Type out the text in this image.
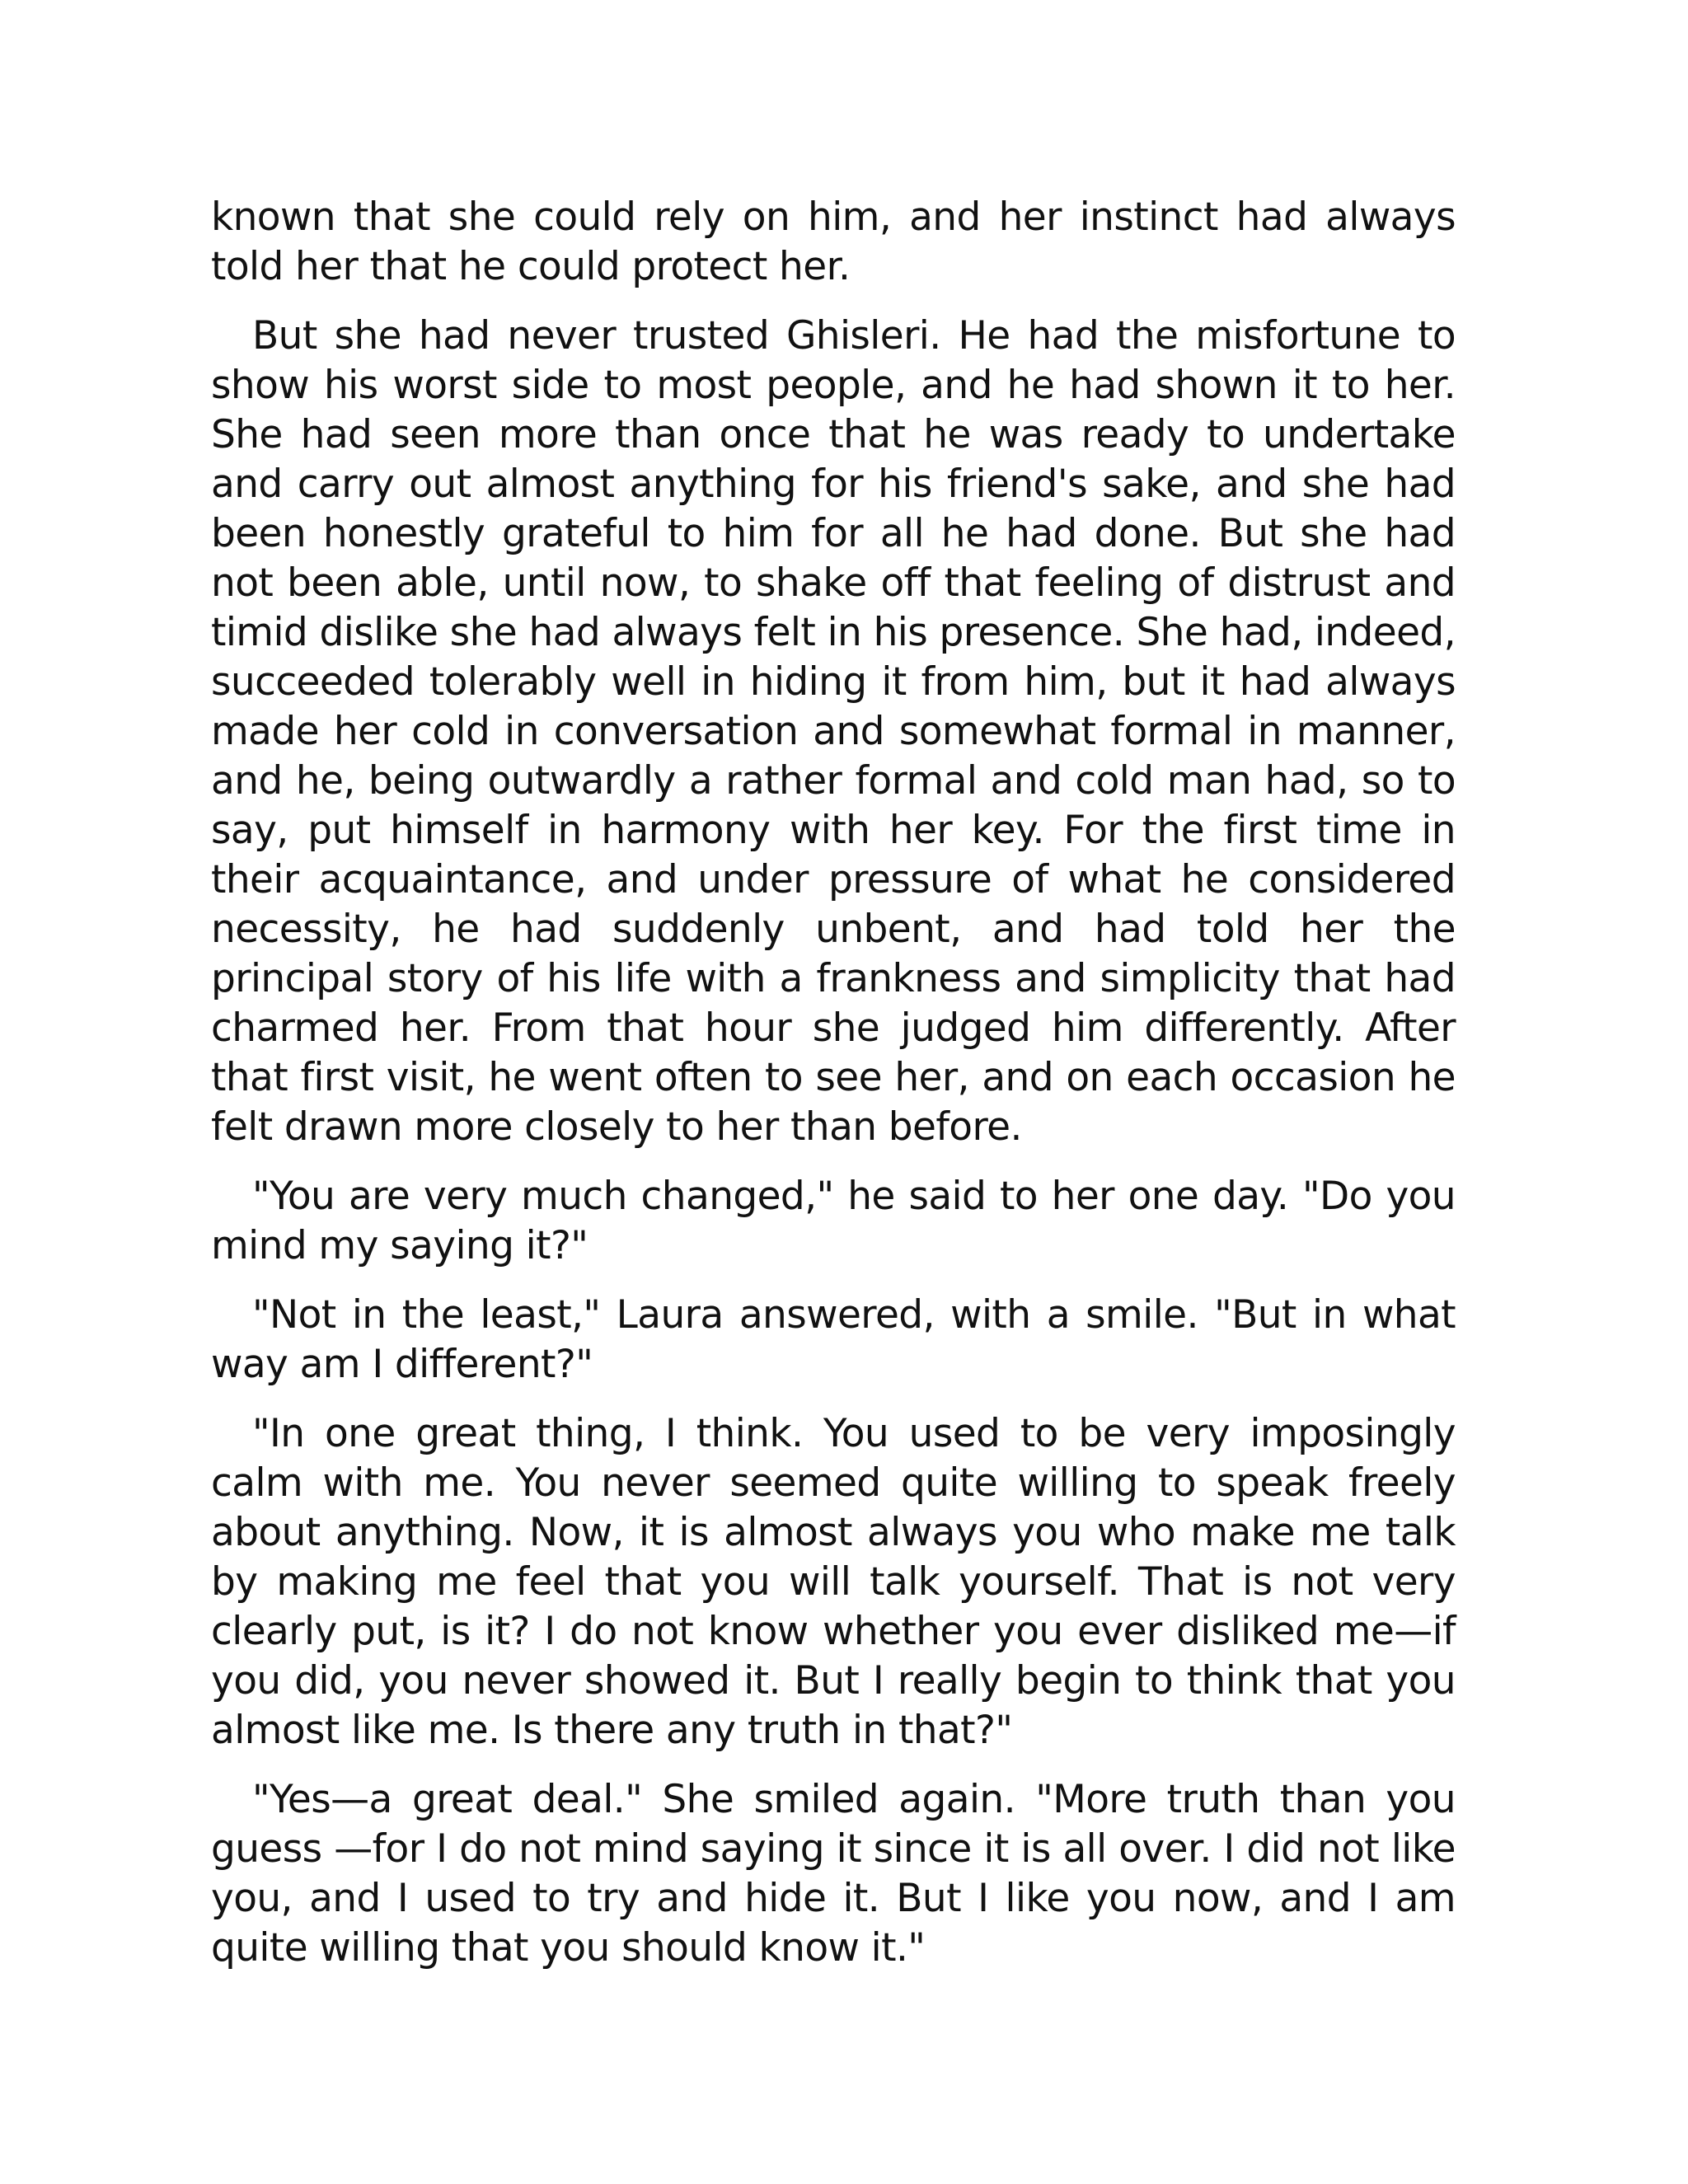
known that she could rely on him, and her instinct had always told her that he could protect her.

But she had never trusted Ghisleri. He had the misfortune to show his worst side to most people, and he had shown it to her. She had seen more than once that he was ready to undertake and carry out almost anything for his friend's sake, and she had been honestly grateful to him for all he had done. But she had not been able, until now, to shake off that feeling of distrust and timid dislike she had always felt in his presence. She had, indeed, succeeded tolerably well in hiding it from him, but it had always made her cold in conversation and somewhat formal in manner, and he, being outwardly a rather formal and cold man had, so to say, put himself in harmony with her key. For the first time in their acquaintance, and under pressure of what he considered necessity, he had suddenly unbent, and had told her the principal story of his life with a frankness and simplicity that had charmed her. From that hour she judged him differently. After that first visit, he went often to see her, and on each occasion he felt drawn more closely to her than before.

"You are very much changed," he said to her one day. "Do you mind my saying it?"

"Not in the least," Laura answered, with a smile. "But in what way am I different?"

"In one great thing, I think. You used to be very imposingly calm with me. You never seemed quite willing to speak freely about anything. Now, it is almost always you who make me talk by making me feel that you will talk yourself. That is not very clearly put, is it? I do not know whether you ever disliked me—if you did, you never showed it. But I really begin to think that you almost like me. Is there any truth in that?"

"Yes—a great deal." She smiled again. "More truth than you guess —for I do not mind saying it since it is all over. I did not like you, and I used to try and hide it. But I like you now, and I am quite willing that you should know it."
